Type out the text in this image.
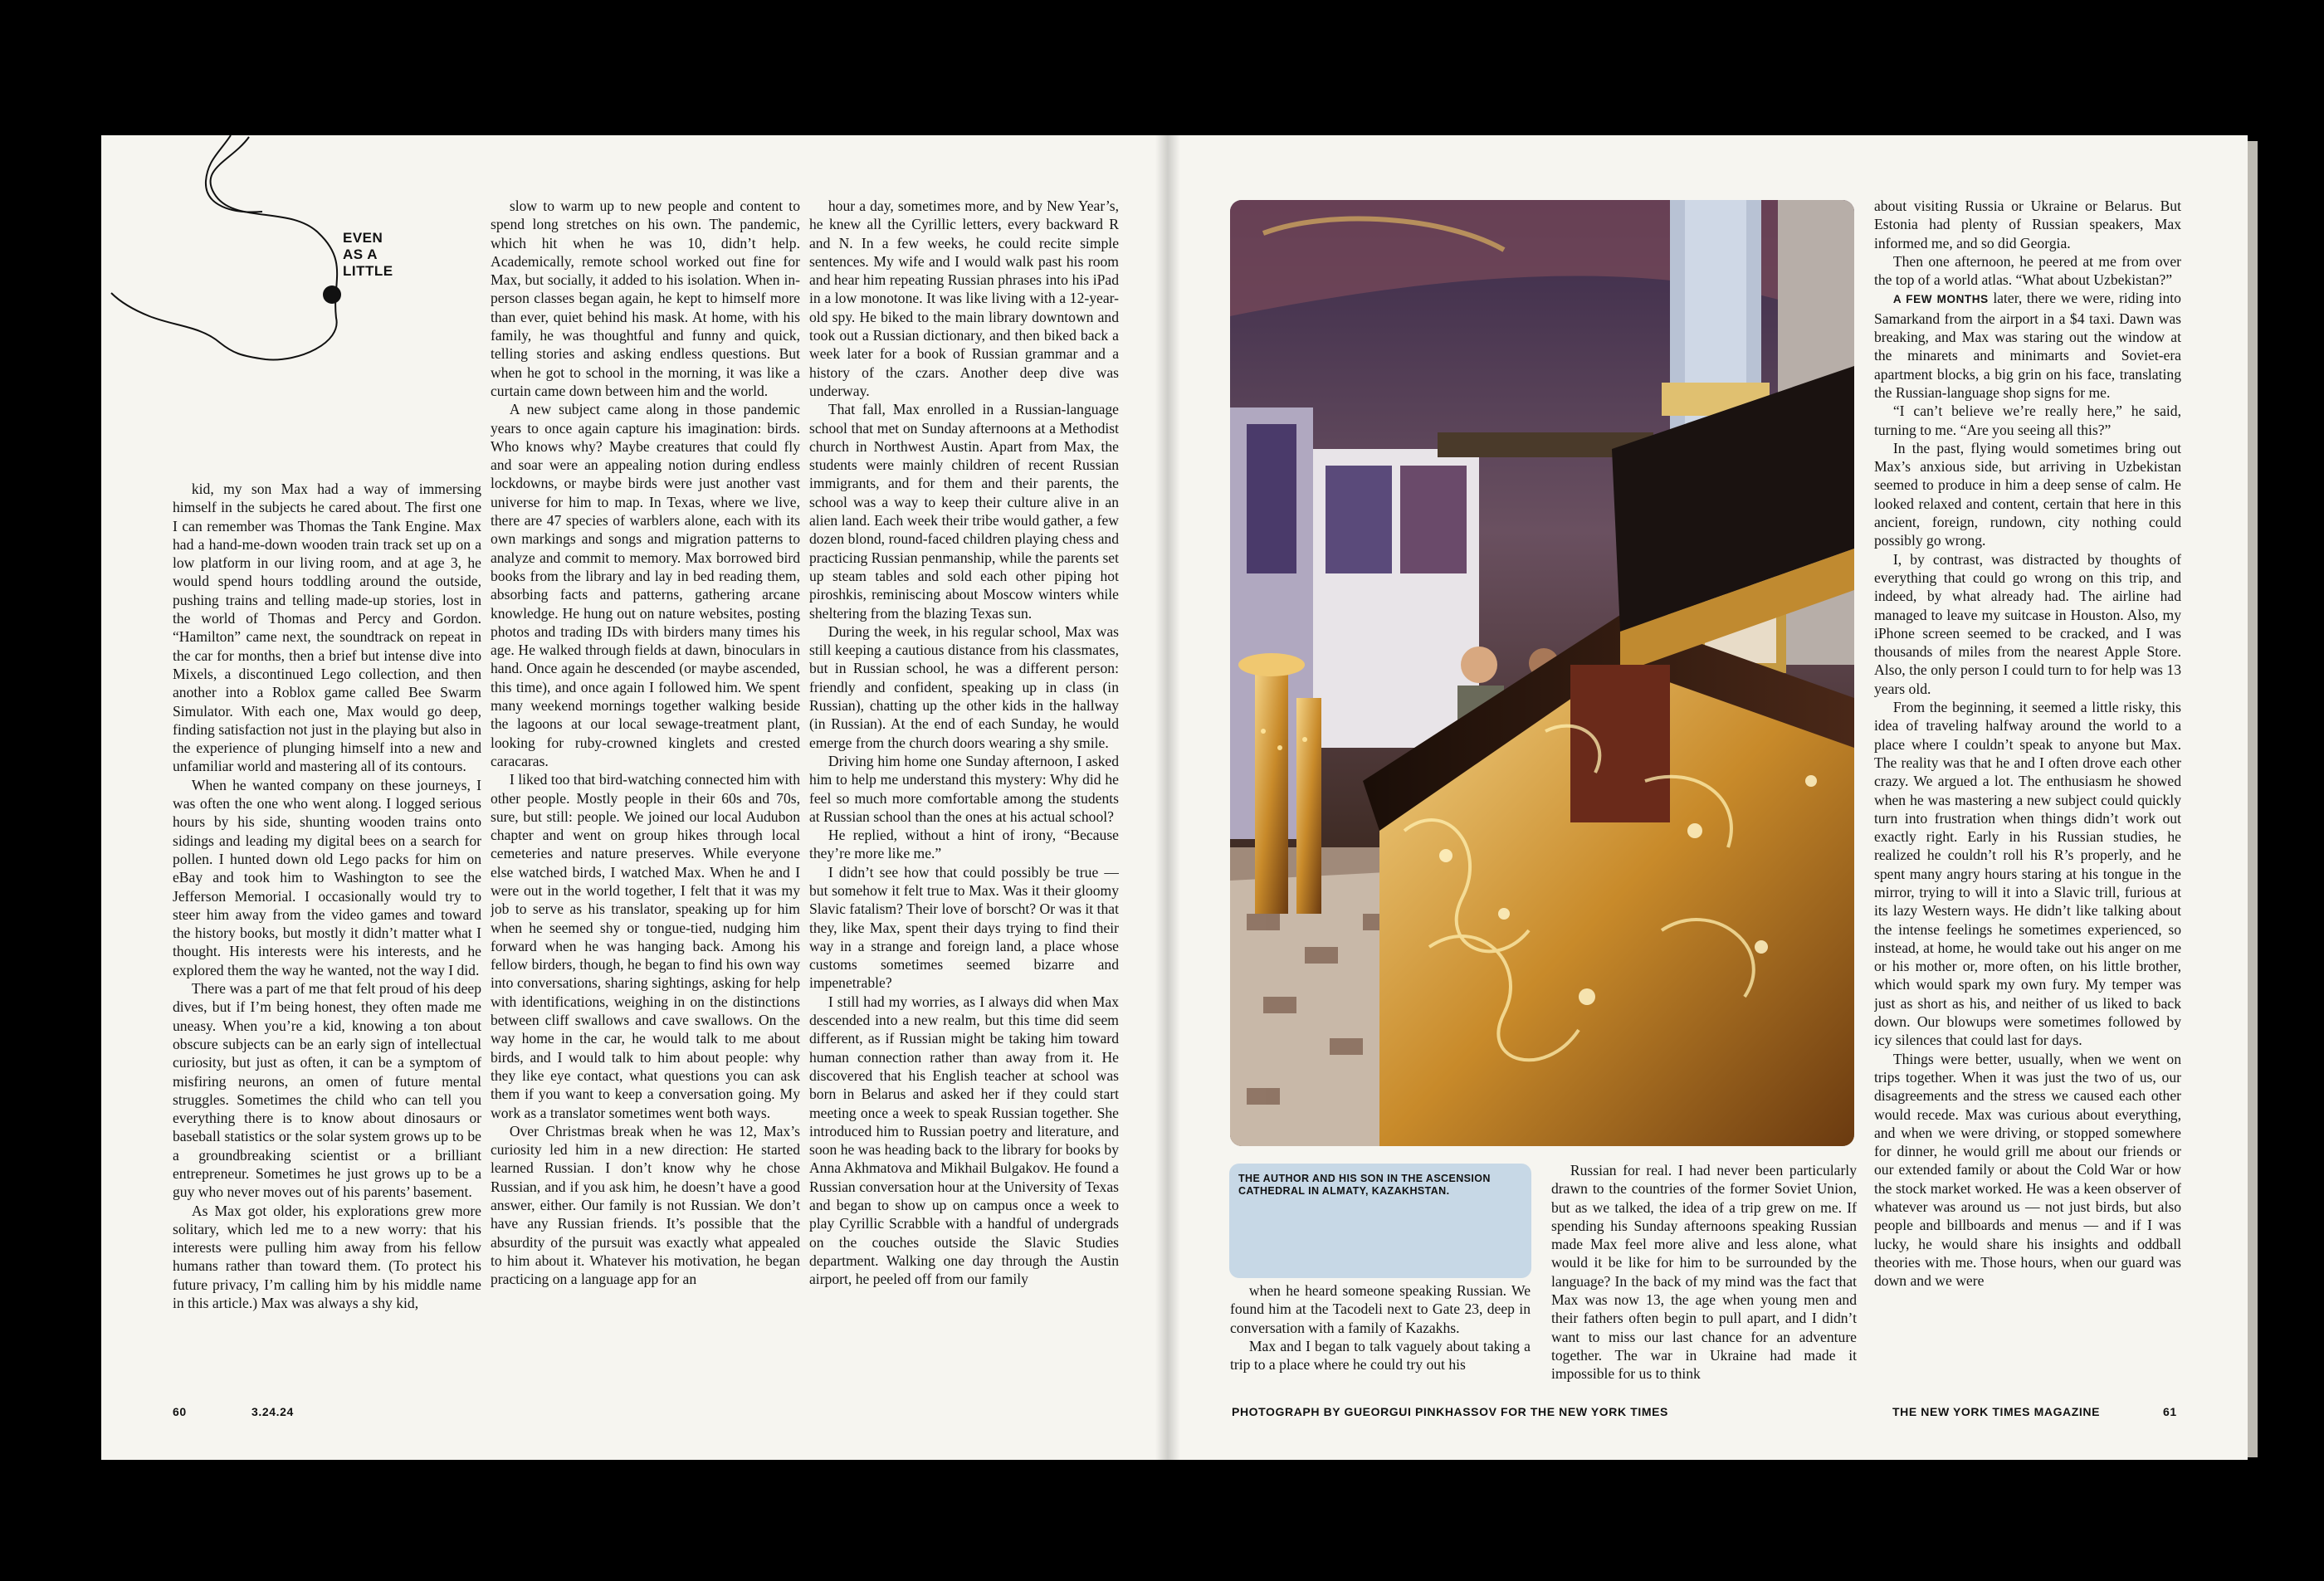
EVEN
AS A
LITTLE

kid, my son Max had a way of immersing himself in the subjects he cared about. The first one I can remember was Thomas the Tank Engine. Max had a hand-me-down wooden train track set up on a low platform in our living room, and at age 3, he would spend hours toddling around the outside, pushing trains and telling made-up stories, lost in the world of Thomas and Percy and Gordon. “Hamilton” came next, the soundtrack on repeat in the car for months, then a brief but intense dive into Mixels, a discontinued Lego collection, and then another into a Roblox game called Bee Swarm Simulator. With each one, Max would go deep, finding satisfaction not just in the playing but also in the experience of plunging himself into a new and unfamiliar world and mastering all of its contours.

When he wanted company on these journeys, I was often the one who went along. I logged serious hours by his side, shunting wooden trains onto sidings and leading my digital bees on a search for pollen. I hunted down old Lego packs for him on eBay and took him to Washington to see the Jefferson Memorial. I occasionally would try to steer him away from the video games and toward the history books, but mostly it didn’t matter what I thought. His interests were his interests, and he explored them the way he wanted, not the way I did.

There was a part of me that felt proud of his deep dives, but if I’m being honest, they often made me uneasy. When you’re a kid, knowing a ton about obscure subjects can be an early sign of intellectual curiosity, but just as often, it can be a symptom of misfiring neurons, an omen of future mental struggles. Sometimes the child who can tell you everything there is to know about dinosaurs or baseball statistics or the solar system grows up to be a groundbreaking scientist or a brilliant entrepreneur. Sometimes he just grows up to be a guy who never moves out of his parents’ basement.

As Max got older, his explorations grew more solitary, which led me to a new worry: that his interests were pulling him away from his fellow humans rather than toward them. (To protect his future privacy, I’m calling him by his middle name in this article.) Max was always a shy kid,

slow to warm up to new people and content to spend long stretches on his own. The pandemic, which hit when he was 10, didn’t help. Academically, remote school worked out fine for Max, but socially, it added to his isolation. When in-person classes began again, he kept to himself more than ever, quiet behind his mask. At home, with his family, he was thoughtful and funny and quick, telling stories and asking endless questions. But when he got to school in the morning, it was like a curtain came down between him and the world.

A new subject came along in those pandemic years to once again capture his imagination: birds. Who knows why? Maybe creatures that could fly and soar were an appealing notion during endless lockdowns, or maybe birds were just another vast universe for him to map. In Texas, where we live, there are 47 species of warblers alone, each with its own markings and songs and migration patterns to analyze and commit to memory. Max borrowed bird books from the library and lay in bed reading them, absorbing facts and patterns, gathering arcane knowledge. He hung out on nature websites, posting photos and trading IDs with birders many times his age. He walked through fields at dawn, binoculars in hand. Once again he descended (or maybe ascended, this time), and once again I followed him. We spent many weekend mornings together walking beside the lagoons at our local sewage-treatment plant, looking for ruby-crowned kinglets and crested caracaras.

I liked too that bird-watching connected him with other people. Mostly people in their 60s and 70s, sure, but still: people. We joined our local Audubon chapter and went on group hikes through local cemeteries and nature preserves. While everyone else watched birds, I watched Max. When he and I were out in the world together, I felt that it was my job to serve as his translator, speaking up for him when he seemed shy or tongue-tied, nudging him forward when he was hanging back. Among his fellow birders, though, he began to find his own way into conversations, sharing sightings, asking for help with identifications, weighing in on the distinctions between cliff swallows and cave swallows. On the way home in the car, he would talk to me about birds, and I would talk to him about people: why they like eye contact, what questions you can ask them if you want to keep a conversation going. My work as a translator sometimes went both ways.

Over Christmas break when he was 12, Max’s curiosity led him in a new direction: He started learned Russian. I don’t know why he chose Russian, and if you ask him, he doesn’t have a good answer, either. Our family is not Russian. We don’t have any Russian friends. It’s possible that the absurdity of the pursuit was exactly what appealed to him about it. Whatever his motivation, he began practicing on a language app for an

hour a day, sometimes more, and by New Year’s, he knew all the Cyrillic letters, every backward R and N. In a few weeks, he could recite simple sentences. My wife and I would walk past his room and hear him repeating Russian phrases into his iPad in a low monotone. It was like living with a 12-year-old spy. He biked to the main library downtown and took out a Russian dictionary, and then biked back a week later for a book of Russian grammar and a history of the czars. Another deep dive was underway.

That fall, Max enrolled in a Russian-language school that met on Sunday afternoons at a Methodist church in Northwest Austin. Apart from Max, the students were mainly children of recent Russian immigrants, and for them and their parents, the school was a way to keep their culture alive in an alien land. Each week their tribe would gather, a few dozen blond, round-faced children playing chess and practicing Russian penmanship, while the parents set up steam tables and sold each other piping hot piroshkis, reminiscing about Moscow winters while sheltering from the blazing Texas sun.

During the week, in his regular school, Max was still keeping a cautious distance from his classmates, but in Russian school, he was a different person: friendly and confident, speaking up in class (in Russian), chatting up the other kids in the hallway (in Russian). At the end of each Sunday, he would emerge from the church doors wearing a shy smile.

Driving him home one Sunday afternoon, I asked him to help me understand this mystery: Why did he feel so much more comfortable among the students at Russian school than the ones at his actual school?

He replied, without a hint of irony, “Because they’re more like me.”

I didn’t see how that could possibly be true — but somehow it felt true to Max. Was it their gloomy Slavic fatalism? Their love of borscht? Or was it that they, like Max, spent their days trying to find their way in a strange and foreign land, a place whose customs sometimes seemed bizarre and impenetrable?

I still had my worries, as I always did when Max descended into a new realm, but this time did seem different, as if Russian might be taking him toward human connection rather than away from it. He discovered that his English teacher at school was born in Belarus and asked her if they could start meeting once a week to speak Russian together. She introduced him to Russian poetry and literature, and soon he was heading back to the library for books by Anna Akhmatova and Mikhail Bulgakov. He found a Russian conversation hour at the University of Texas and began to show up on campus once a week to play Cyrillic Scrabble with a handful of undergrads on the couches outside the Slavic Studies department. Walking one day through the Austin airport, he peeled off from our family

THE AUTHOR AND HIS SON IN THE ASCENSION CATHEDRAL IN ALMATY, KAZAKHSTAN.

when he heard someone speaking Russian. We found him at the Tacodeli next to Gate 23, deep in conversation with a family of Kazakhs.

Max and I began to talk vaguely about taking a trip to a place where he could try out his

Russian for real. I had never been particularly drawn to the countries of the former Soviet Union, but as we talked, the idea of a trip grew on me. If spending his Sunday afternoons speaking Russian made Max feel more alive and less alone, what would it be like for him to be surrounded by the language? In the back of my mind was the fact that Max was now 13, the age when young men and their fathers often begin to pull apart, and I didn’t want to miss our last chance for an adventure together. The war in Ukraine had made it impossible for us to think

about visiting Russia or Ukraine or Belarus. But Estonia had plenty of Russian speakers, Max informed me, and so did Georgia.

Then one afternoon, he peered at me from over the top of a world atlas. “What about Uzbekistan?”

A FEW MONTHS later, there we were, riding into Samarkand from the airport in a $4 taxi. Dawn was breaking, and Max was staring out the window at the minarets and minimarts and Soviet-era apartment blocks, a big grin on his face, translating the Russian-language shop signs for me.

“I can’t believe we’re really here,” he said, turning to me. “Are you seeing all this?”

In the past, flying would sometimes bring out Max’s anxious side, but arriving in Uzbekistan seemed to produce in him a deep sense of calm. He looked relaxed and content, certain that here in this ancient, foreign, rundown, city nothing could possibly go wrong.

I, by contrast, was distracted by thoughts of everything that could go wrong on this trip, and indeed, by what already had. The airline had managed to leave my suitcase in Houston. Also, my iPhone screen seemed to be cracked, and I was thousands of miles from the nearest Apple Store. Also, the only person I could turn to for help was 13 years old.

From the beginning, it seemed a little risky, this idea of traveling halfway around the world to a place where I couldn’t speak to anyone but Max. The reality was that he and I often drove each other crazy. We argued a lot. The enthusiasm he showed when he was mastering a new subject could quickly turn into frustration when things didn’t work out exactly right. Early in his Russian studies, he realized he couldn’t roll his R’s properly, and he spent many angry hours staring at his tongue in the mirror, trying to will it into a Slavic trill, furious at its lazy Western ways. He didn’t like talking about the intense feelings he sometimes experienced, so instead, at home, he would take out his anger on me or his mother or, more often, on his little brother, which would spark my own fury. My temper was just as short as his, and neither of us liked to back down. Our blowups were sometimes followed by icy silences that could last for days.

Things were better, usually, when we went on trips together. When it was just the two of us, our disagreements and the stress we caused each other would recede. Max was curious about everything, and when we were driving, or stopped somewhere for dinner, he would grill me about our friends or our extended family or about the Cold War or how the stock market worked. He was a keen observer of whatever was around us — not just birds, but also people and billboards and menus — and if I was lucky, he would share his insights and oddball theories with me. Those hours, when our guard was down and we were

60	3.24.24	PHOTOGRAPH BY GUEORGUI PINKHASSOV FOR THE NEW YORK TIMES	THE NEW YORK TIMES MAGAZINE	61
